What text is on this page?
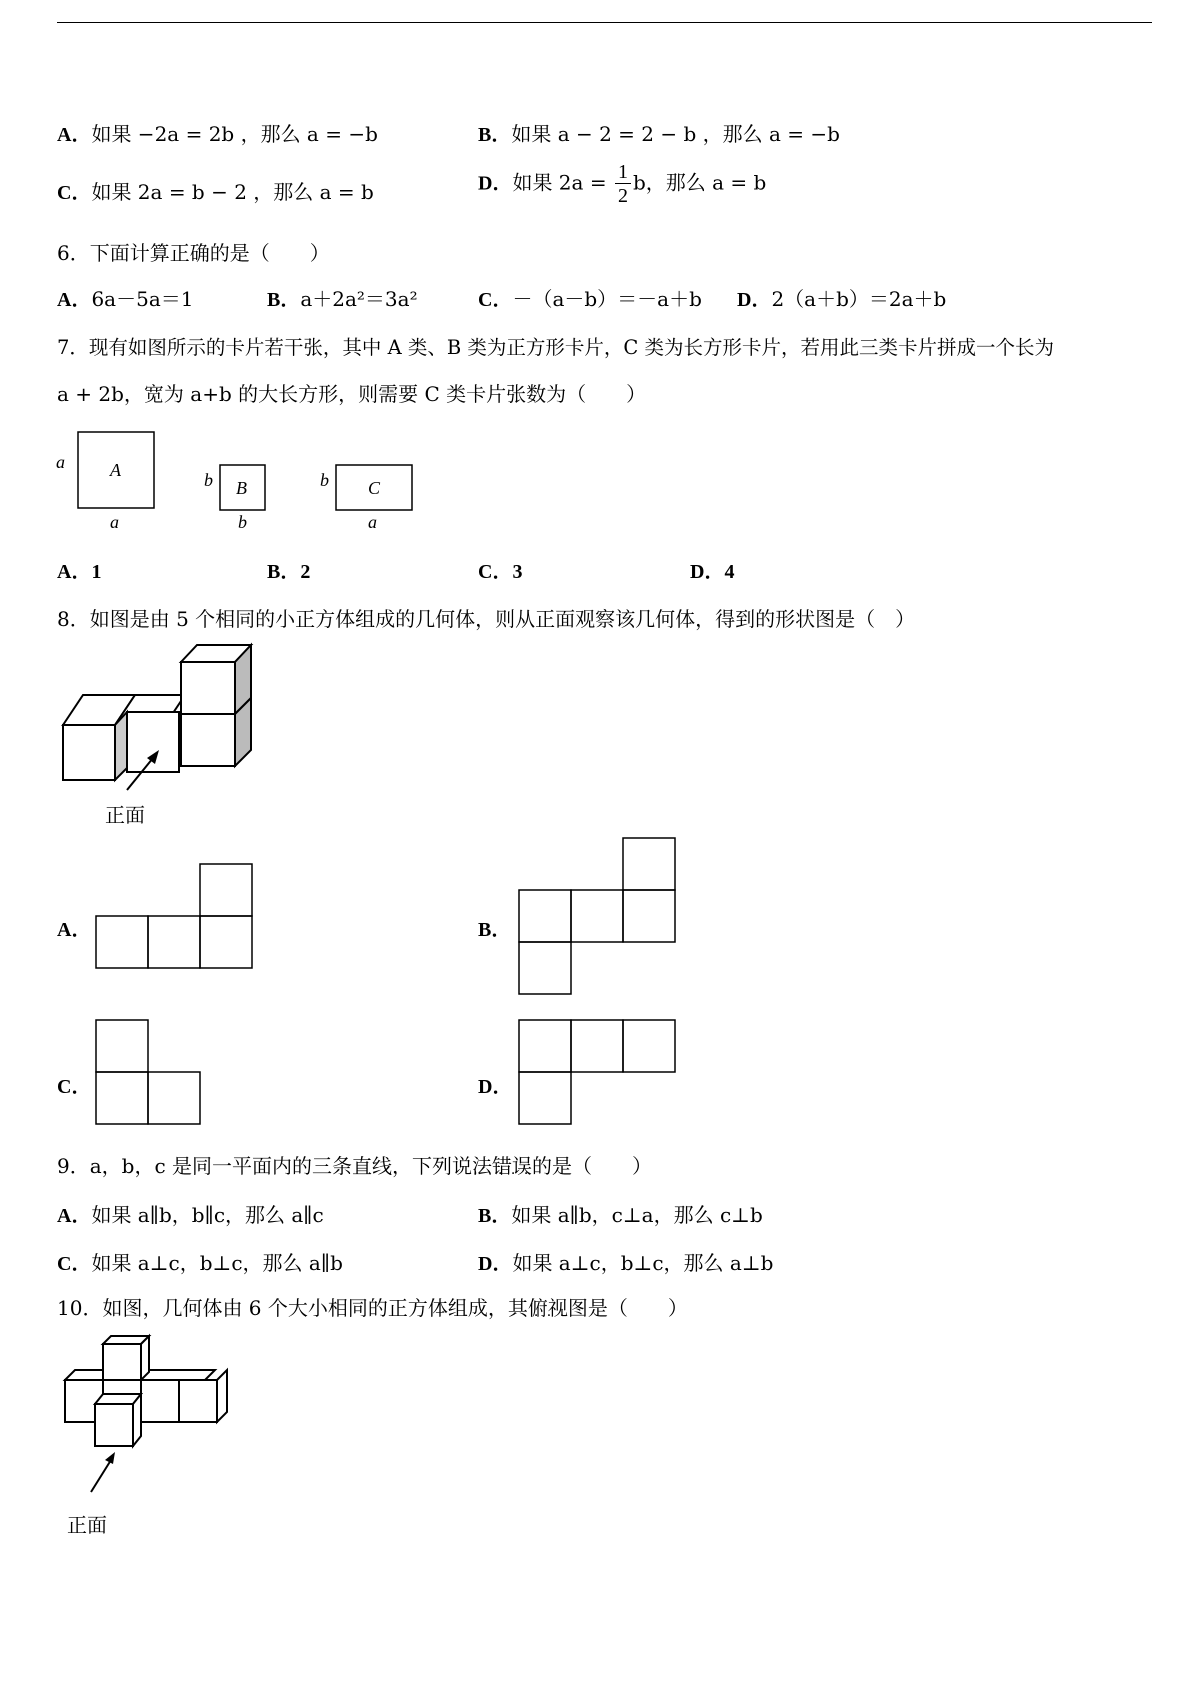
A．如果 −2a = 2b ，那么 a = −b	B．如果 a − 2 = 2 − b ，那么 a = −b
C．如果 2a = b − 2 ，那么 a = b	D．如果 $2a = \frac{1}{2}$ b，那么 a = b
6．下面计算正确的是（　　）
A．6a－5a＝1	B．a＋2a²＝3a²	C．－（a－b）＝－a＋b D．2（a＋b）＝2a＋b
7．现有如图所示的卡片若干张，其中 A 类、B 类为正方形卡片，C 类为长方形卡片，若用此三类卡片拼成一个长为
a + 2b，宽为 a+b 的大长方形，则需要 C 类卡片张数为（　　）
A
a
a
B
b
b
C
b
a
A．1	B．2	C．3	D．4
8．如图是由 5 个相同的小正方体组成的几何体，则从正面观察该几何体，得到的形状图是（　）
正面
A．	B．
C．	D．
9．a，b，c 是同一平面内的三条直线，下列说法错误 · · ·的是（　　）
A．如果 a∥b，b∥c，那么 a∥c	B．如果 a∥b，c⊥a，那么 c⊥b
C．如果 a⊥c，b⊥c，那么 a∥b	D．如果 a⊥c，b⊥c，那么 a⊥b
10．如图，几何体由 6 个大小相同的正方体组成，其俯视图 · · ·是（　　）
正面
